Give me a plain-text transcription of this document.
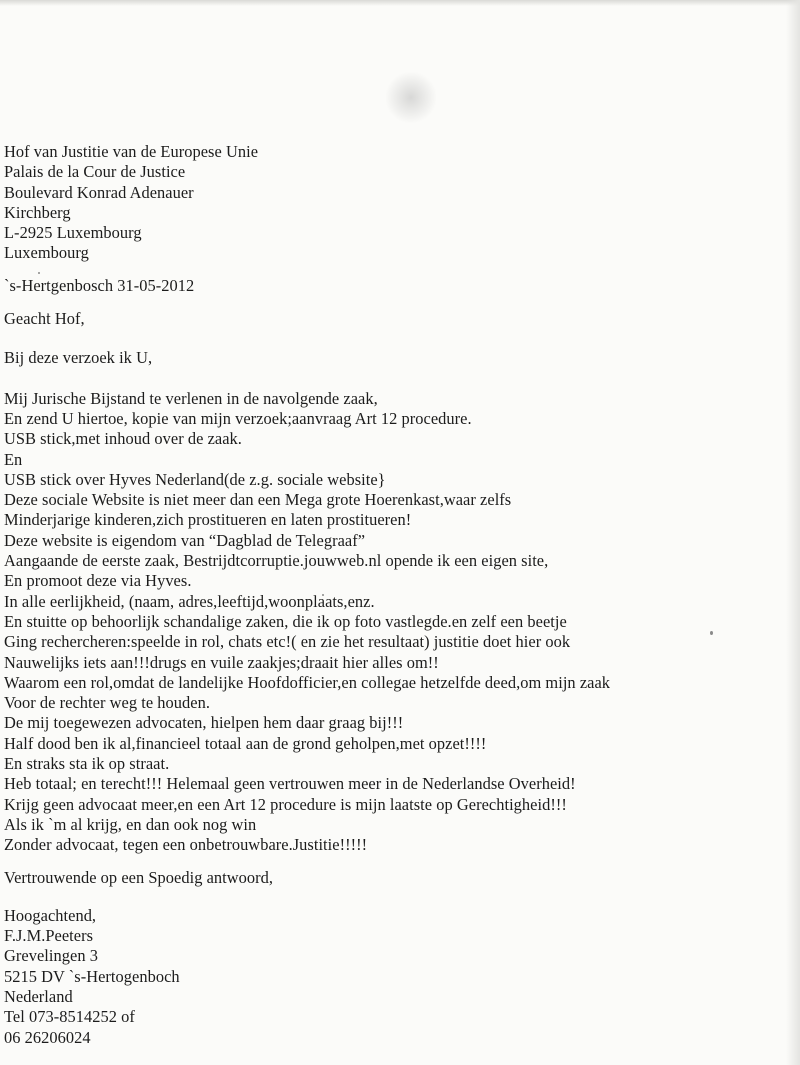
Hof van Justitie van de Europese Unie
Palais de la Cour de Justice
Boulevard Konrad Adenauer
Kirchberg
L-2925 Luxembourg
Luxembourg
`s-Hertgenbosch 31-05-2012
Geacht Hof,
Bij deze verzoek ik U,
Mij Jurische Bijstand te verlenen in de navolgende zaak,
En zend U hiertoe, kopie van mijn verzoek;aanvraag Art 12 procedure.
USB stick,met inhoud over de zaak.
En
USB stick over Hyves Nederland(de z.g. sociale website}
Deze sociale Website is niet meer dan een Mega grote Hoerenkast,waar zelfs
Minderjarige kinderen,zich prostitueren en laten prostitueren!
Deze website is eigendom van “Dagblad de Telegraaf”
Aangaande de eerste zaak, Bestrijdtcorruptie.jouwweb.nl opende ik een eigen site,
En promoot deze via Hyves.
In alle eerlijkheid, (naam, adres,leeftijd,woonplaats,enz.
En stuitte op behoorlijk schandalige zaken, die ik op foto vastlegde.en zelf een beetje
Ging rechercheren:speelde in rol, chats etc!( en zie het resultaat) justitie doet hier ook
Nauwelijks iets aan!!!drugs en vuile zaakjes;draait hier alles om!!
Waarom een rol,omdat de landelijke Hoofdofficier,en collegae hetzelfde deed,om mijn zaak
Voor de rechter weg te houden.
De mij toegewezen advocaten, hielpen hem daar graag bij!!!
Half dood ben ik al,financieel totaal aan de grond geholpen,met opzet!!!!
En straks sta ik op straat.
Heb totaal; en terecht!!! Helemaal geen vertrouwen meer in de Nederlandse Overheid!
Krijg geen advocaat meer,en een Art 12 procedure is mijn laatste op Gerechtigheid!!!
Als ik `m al krijg, en dan ook nog win
Zonder advocaat, tegen een onbetrouwbare.Justitie!!!!!
Vertrouwende op een Spoedig antwoord,
Hoogachtend,
F.J.M.Peeters
Grevelingen 3
5215 DV `s-Hertogenboch
Nederland
Tel 073-8514252 of
06 26206024
